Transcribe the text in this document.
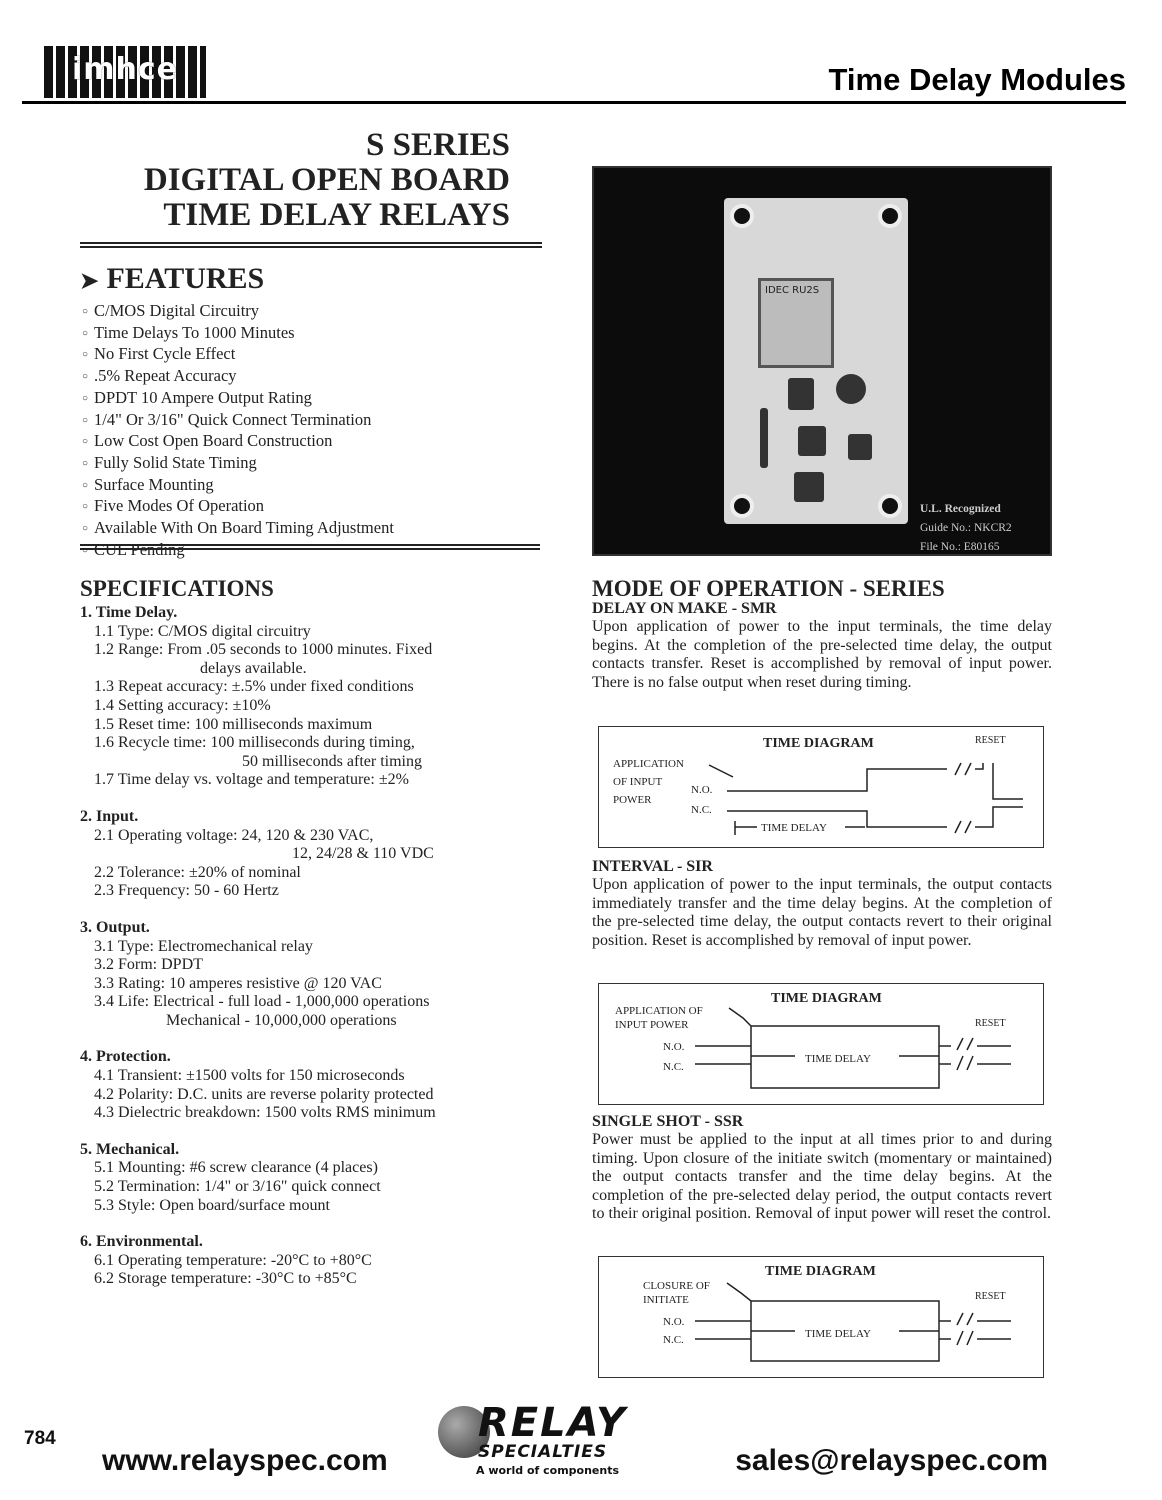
imhce	Time Delay Modules
S SERIES
DIGITAL OPEN BOARD
TIME DELAY RELAYS
➤ FEATURES
○ C/MOS Digital Circuitry
○ Time Delays To 1000 Minutes
○ No First Cycle Effect
○ .5% Repeat Accuracy
○ DPDT 10 Ampere Output Rating
○ 1/4" Or 3/16" Quick Connect Termination
○ Low Cost Open Board Construction
○ Fully Solid State Timing
○ Surface Mounting
○ Five Modes Of Operation
○ Available With On Board Timing Adjustment
○ CUL Pending
IDEC RU2S
U.L. Recognized
Guide No.: NKCR2
File No.: E80165
SPECIFICATIONS
1. Time Delay.
1.1 Type: C/MOS digital circuitry
1.2 Range: From .05 seconds to 1000 minutes. Fixed
delays available.
1.3 Repeat accuracy: ±.5% under fixed conditions
1.4 Setting accuracy: ±10%
1.5 Reset time: 100 milliseconds maximum
1.6 Recycle time: 100 milliseconds during timing,
50 milliseconds after timing
1.7 Time delay vs. voltage and temperature: ±2%
2. Input.
2.1 Operating voltage: 24, 120 & 230 VAC,
12, 24/28 & 110 VDC
2.2 Tolerance: ±20% of nominal
2.3 Frequency: 50 - 60 Hertz
3. Output.
3.1 Type: Electromechanical relay
3.2 Form: DPDT
3.3 Rating: 10 amperes resistive @ 120 VAC
3.4 Life: Electrical - full load - 1,000,000 operations
Mechanical - 10,000,000 operations
4. Protection.
4.1 Transient: ±1500 volts for 150 microseconds
4.2 Polarity: D.C. units are reverse polarity protected
4.3 Dielectric breakdown: 1500 volts RMS minimum
5. Mechanical.
5.1 Mounting: #6 screw clearance (4 places)
5.2 Termination: 1/4" or 3/16" quick connect
5.3 Style: Open board/surface mount
6. Environmental.
6.1 Operating temperature: -20°C to +80°C
6.2 Storage temperature: -30°C to +85°C
MODE OF OPERATION - SERIES
DELAY ON MAKE - SMR
Upon application of power to the input terminals, the time delay begins. At the completion of the pre-selected time delay, the output contacts transfer. Reset is accomplished by removal of input power. There is no false output when reset during timing.
TIME DIAGRAM	RESET
APPLICATION
OF INPUT
POWER
N.O.
N.C.
TIME DELAY
INTERVAL - SIR
Upon application of power to the input terminals, the output contacts immediately transfer and the time delay begins. At the completion of the pre-selected time delay, the output contacts revert to their original position. Reset is accomplished by removal of input power.
TIME DIAGRAM
RESET
APPLICATION OF
INPUT POWER
N.O.
N.C.
TIME DELAY
SINGLE SHOT - SSR
Power must be applied to the input at all times prior to and during timing. Upon closure of the initiate switch (momentary or maintained) the output contacts transfer and the time delay begins. At the completion of the pre-selected delay period, the output contacts revert to their original position. Removal of input power will reset the control.
TIME DIAGRAM
RESET
CLOSURE OF
INITIATE
N.O.
N.C.	TIME DELAY
784
www.relayspec.com
RELAY
SPECIALTIES
A world of components	sales@relayspec.com
